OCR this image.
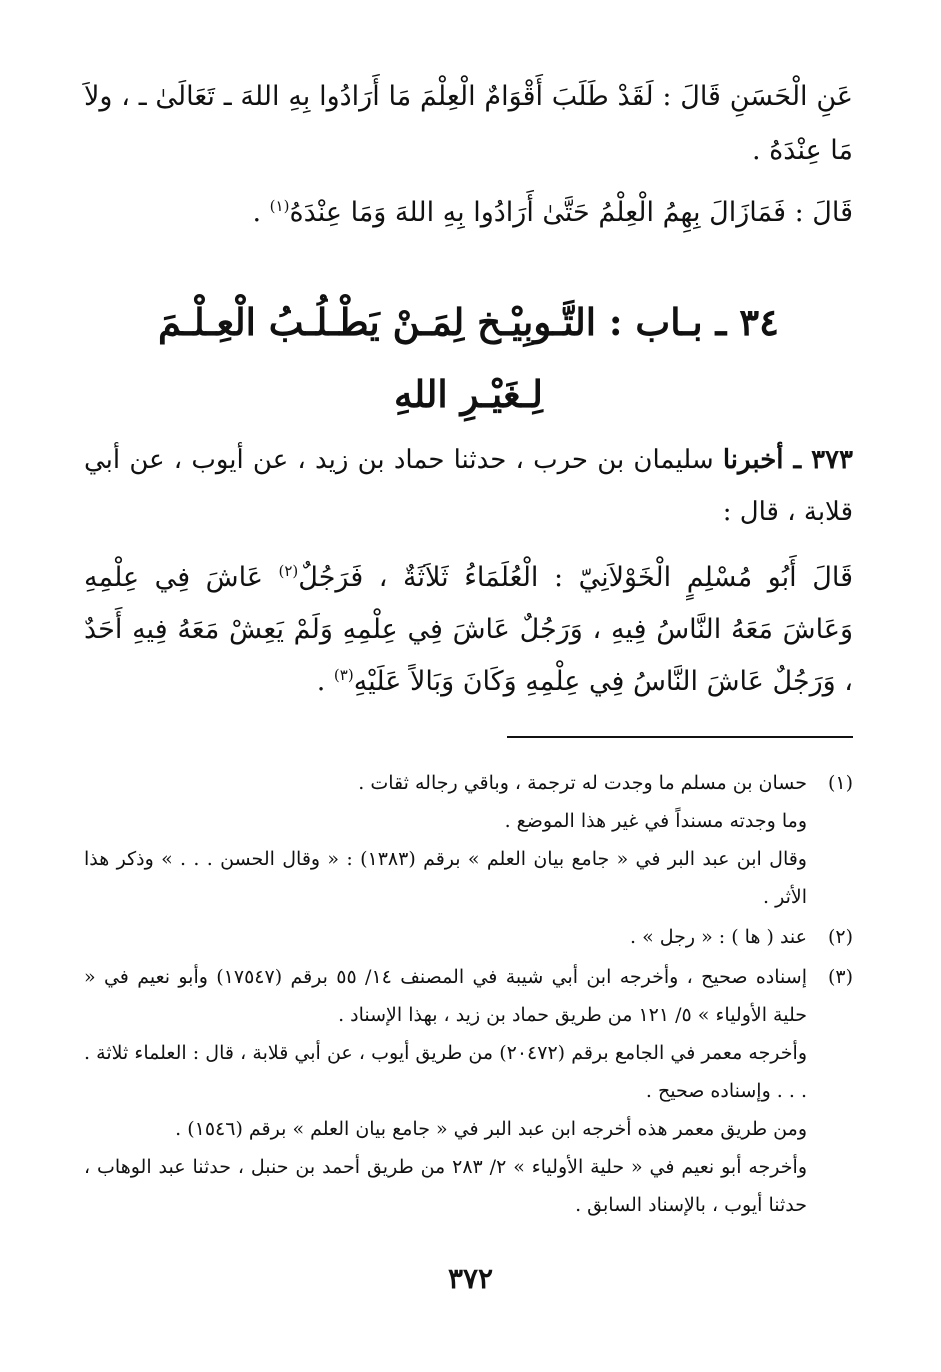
عَنِ الْحَسَنِ قَالَ : لَقَدْ طَلَبَ أَقْوَامٌ الْعِلْمَ مَا أَرَادُوا بِهِ اللهَ ـ تَعَالَىٰ ـ ، ولاَ مَا عِنْدَهُ .

قَالَ : فَمَازَالَ بِهِمُ الْعِلْمُ حَتَّىٰ أَرَادُوا بِهِ اللهَ وَمَا عِنْدَهُ$^{(١)}$ .

٣٤ ـ بـاب : التَّـوبِيْـخ لِمَـنْ يَطْـلُـبُ الْعِـلْـمَ
لِـغَيْـرِ اللهِ

٣٧٣ ـ أخبرنا سليمان بن حرب ، حدثنا حماد بن زيد ، عن أيوب ، عن أبي قلابة ، قال :

قَالَ أَبُو مُسْلِمٍ الْخَوْلاَنِيّ : الْعُلَمَاءُ ثَلاَثَةٌ ، فَرَجُلٌ$^{(٢)}$ عَاشَ فِي عِلْمِهِ وَعَاشَ مَعَهُ النَّاسُ فِيهِ ، وَرَجُلٌ عَاشَ فِي عِلْمِهِ وَلَمْ يَعِشْ مَعَهُ فِيهِ أَحَدٌ ، وَرَجُلٌ عَاشَ النَّاسُ فِي عِلْمِهِ وَكَانَ وَبَالاً عَلَيْهِ$^{(٣)}$ .

(١)
حسان بن مسلم ما وجدت له ترجمة ، وباقي رجاله ثقات .
وما وجدته مسنداً في غير هذا الموضع .
وقال ابن عبد البر في « جامع بيان العلم » برقم (١٣٨٣) : « وقال الحسن . . . » وذكر هذا الأثر .
(٢)
عند ( ها ) : « رجل » .
(٣)
إسناده صحيح ، وأخرجه ابن أبي شيبة في المصنف ١٤/ ٥٥ برقم (١٧٥٤٧) وأبو نعيم في « حلية الأولياء » ٥/ ١٢١ من طريق حماد بن زيد ، بهذا الإسناد .
وأخرجه معمر في الجامع برقم (٢٠٤٧٢) من طريق أيوب ، عن أبي قلابة ، قال : العلماء ثلاثة . . . . وإسناده صحيح .
ومن طريق معمر هذه أخرجه ابن عبد البر في « جامع بيان العلم » برقم (١٥٤٦) .
وأخرجه أبو نعيم في « حلية الأولياء » ٢/ ٢٨٣ من طريق أحمد بن حنبل ، حدثنا عبد الوهاب ، حدثنا أيوب ، بالإسناد السابق .
٣٧٢
